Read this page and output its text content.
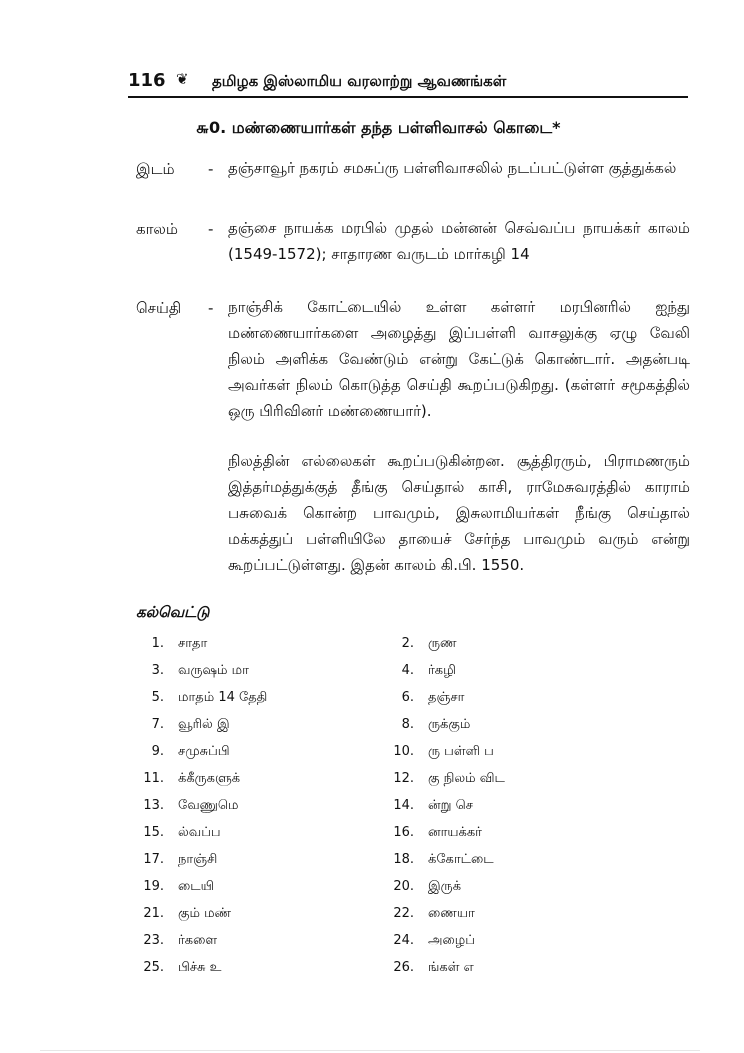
116 ❦ தமிழக இஸ்லாமிய வரலாற்று ஆவணங்கள்
௬0. மண்ணையார்கள் தந்த பள்ளிவாசல் கொடை*
இடம் - தஞ்சாவூர் நகரம் சமசுப்ரு பள்ளிவாசலில் நடப்பட்டுள்ள குத்துக்கல்
காலம் - தஞ்சை நாயக்க மரபில் முதல் மன்னன் செவ்வப்ப நாயக்கர் காலம் (1549-1572); சாதாரண வருடம் மார்கழி 14
செய்தி - நாஞ்சிக் கோட்டையில் உள்ள கள்ளர் மரபினரில் ஐந்து மண்ணையார்களை அழைத்து இப்பள்ளி வாசலுக்கு ஏழு வேலி நிலம் அளிக்க வேண்டும் என்று கேட்டுக் கொண்டார். அதன்படி அவர்கள் நிலம் கொடுத்த செய்தி கூறப்படுகிறது. (கள்ளர் சமூகத்தில் ஒரு பிரிவினர் மண்ணையார்).
நிலத்தின் எல்லைகள் கூறப்படுகின்றன. சூத்திரரும், பிராமணரும் இத்தர்மத்துக்குத் தீங்கு செய்தால் காசி, ராமேசுவரத்தில் காராம் பசுவைக் கொன்ற பாவமும், இசுலாமியர்கள் நீங்கு செய்தால் மக்கத்துப் பள்ளியிலே தாயைச் சேர்ந்த பாவமும் வரும் என்று கூறப்பட்டுள்ளது. இதன் காலம் கி.பி. 1550.
கல்வெட்டு
1. சாதா	2. ருண
3. வருஷம் மா	4. ர்கழி
5. மாதம் 14 தேதி	6. தஞ்சா
7. வூரில் இ	8. ருக்கும்
9. சமுசுப்பி	10. ரு பள்ளி ப
11. க்கீருகளுக்	12. கு நிலம் விட
13. வேணுமெ	14. ன்று செ
15. ல்வப்ப	16. னாயக்கர்
17. நாஞ்சி	18. க்கோட்டை
19. டையி	20. இருக்
21. கும் மண்	22. ணையா
23. ர்களை	24. அழைப்
25. பிச்சு உ	26. ங்கள் எ
